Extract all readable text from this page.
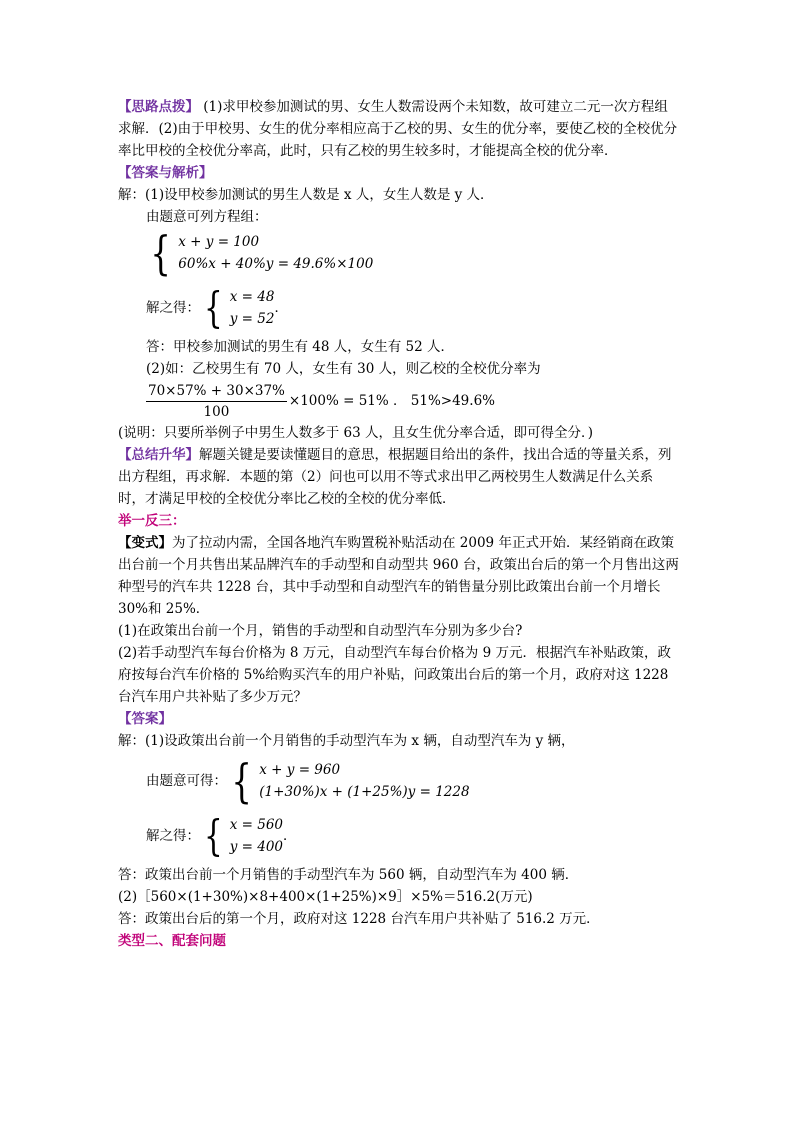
【思路点拨】 (1)求甲校参加测试的男、女生人数需设两个未知数，故可建立二元一次方程组求解．(2)由于甲校男、女生的优分率相应高于乙校的男、女生的优分率，要使乙校的全校优分率比甲校的全校优分率高，此时，只有乙校的男生较多时，才能提高全校的优分率．
【答案与解析】
解：(1)设甲校参加测试的男生人数是 x 人，女生人数是 y 人．
由题意可列方程组：
{ x + y = 100
60%x + 40%y = 49.6%×100
解之得： { x = 48
y = 52
．
答：甲校参加测试的男生有 48 人，女生有 52 人．
(2)如：乙校男生有 70 人，女生有 30 人，则乙校的全校优分率为
$\frac{70\times 57\% + 30\times 37\%}{100} \times 100\% = 51\%$ ． 51%>49.6%
(说明：只要所举例子中男生人数多于 63 人，且女生优分率合适，即可得全分．)
【总结升华】解题关键是要读懂题目的意思，根据题目给出的条件，找出合适的等量关系，列出方程组，再求解．本题的第（2）问也可以用不等式求出甲乙两校男生人数满足什么关系时，才满足甲校的全校优分率比乙校的全校的优分率低．
举一反三：
【变式】为了拉动内需，全国各地汽车购置税补贴活动在 2009 年正式开始．某经销商在政策出台前一个月共售出某品牌汽车的手动型和自动型共 960 台，政策出台后的第一个月售出这两种型号的汽车共 1228 台，其中手动型和自动型汽车的销售量分别比政策出台前一个月增长 30%和 25%．
(1)在政策出台前一个月，销售的手动型和自动型汽车分别为多少台?
(2)若手动型汽车每台价格为 8 万元，自动型汽车每台价格为 9 万元．根据汽车补贴政策，政府按每台汽车价格的 5%给购买汽车的用户补贴，问政策出台后的第一个月，政府对这 1228 台汽车用户共补贴了多少万元？
【答案】
解：(1)设政策出台前一个月销售的手动型汽车为 x 辆，自动型汽车为 y 辆，
由题意可得： { x + y = 960
(1+30%)x + (1+25%)y = 1228
解之得： { x = 560
y = 400
．
答：政策出台前一个月销售的手动型汽车为 560 辆，自动型汽车为 400 辆．
(2)［560×(1+30%)×8+400×(1+25%)×9］×5%＝516.2(万元)
答：政策出台后的第一个月，政府对这 1228 台汽车用户共补贴了 516.2 万元．
类型二、配套问题
